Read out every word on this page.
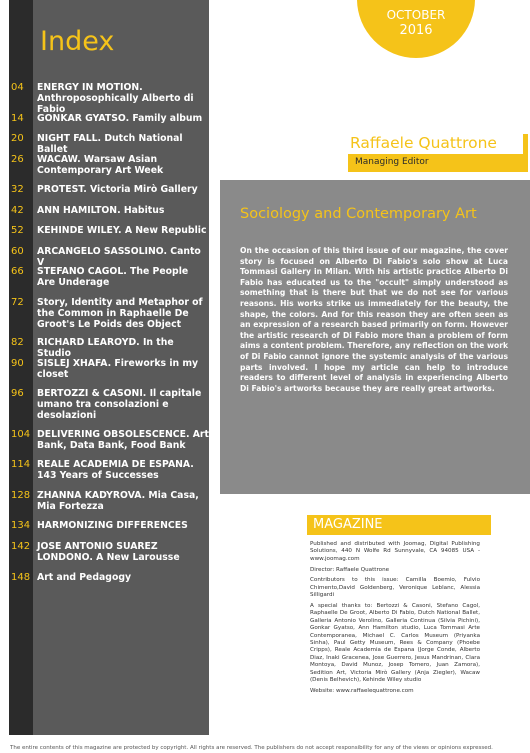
Index
04	ENERGY IN MOTION. Anthroposophically Alberto di Fabio
14	GONKAR GYATSO. Family album
20	NIGHT FALL. Dutch National Ballet
26	WACAW. Warsaw Asian Contemporary Art Week
32	PROTEST. Victoria Mirò Gallery
42	ANN HAMILTON. Habitus
52	KEHINDE WILEY. A New Republic
60	ARCANGELO SASSOLINO. Canto V
66	STEFANO CAGOL. The People Are Underage
72	Story, Identity and Metaphor of the Common in Raphaelle De Groot's Le Poids des Object
82	RICHARD LEAROYD. In the Studio
90	SISLEJ XHAFA. Fireworks in my closet
96	BERTOZZI & CASONI. Il capitale umano tra consolazioni e desolazioni
104 DELIVERING OBSOLESCENCE. Art Bank, Data Bank, Food Bank
114 REALE ACADEMIA DE ESPANA. 143 Years of Successes
128 ZHANNA KADYROVA. Mia Casa, Mia Fortezza
134 HARMONIZING DIFFERENCES
142 JOSE ANTONIO SUAREZ LONDONO. A New Larousse
148 Art and Pedagogy
OCTOBER
2016
Raffaele Quattrone
Managing Editor
Sociology and Contemporary Art
On the occasion of this third issue of our magazine, the cover story is focused on Alberto Di Fabio's solo show at Luca Tommasi Gallery in Milan. With his artistic practice Alberto Di Fabio has educated us to the "occult" simply understood as something that is there but that we do not see for various reasons. His works strike us immediately for the beauty, the shape, the colors. And for this reason they are often seen as an expression of a research based primarily on form. However the artistic research of Di Fabio more than a problem of form aims a content problem. Therefore, any reflection on the work of Di Fabio cannot ignore the systemic analysis of the various parts involved. I hope my article can help to introduce readers to different level of analysis in experiencing Alberto Di Fabio's artworks because they are really great artworks.
MAGAZINE

Published and distributed with Joomag, Digital Publishing Solutions, 440 N Wolfe Rd Sunnyvale, CA 94085 USA - www.joomag.com

Director: Raffaele Quattrone

Contributors to this issue: Camilla Boemio, Fulvio Chimento,David Goldenberg, Veronique Leblanc, Alessia Silligardi

A special thanks to: Bertozzi & Casoni, Stefano Cagol, Raphaelle De Groot, Alberto Di Fabio, Dutch National Ballet, Galleria Antonio Verolino, Galleria Continua (Silvia Pichini), Gonkar Gyatso, Ann Hamilton studio, Luca Tommasi Arte Contemporanea, Michael C. Carlos Museum (Priyanka Sinha), Paul Getty Museum, Rees & Company (Phoebe Cripps), Reale Academia de Espana (Jorge Conde, Alberto Diaz, Inaki Gracenea, Jose Guerrero, Jesus Mandrinan, Clara Montoya, David Munoz, Josep Tomero, Juan Zamora), Sedition Art, Victoria Mirò Gallery (Anja Ziegler), Wacaw (Denis Belhevich), Kehinde Wiley studio

Website: www.raffaelequattrone.com

The entire contents of this magazine are protected by copyright. All rights are reserved. The publishers do not accept responsibility for any of the views or opinions expressed.
